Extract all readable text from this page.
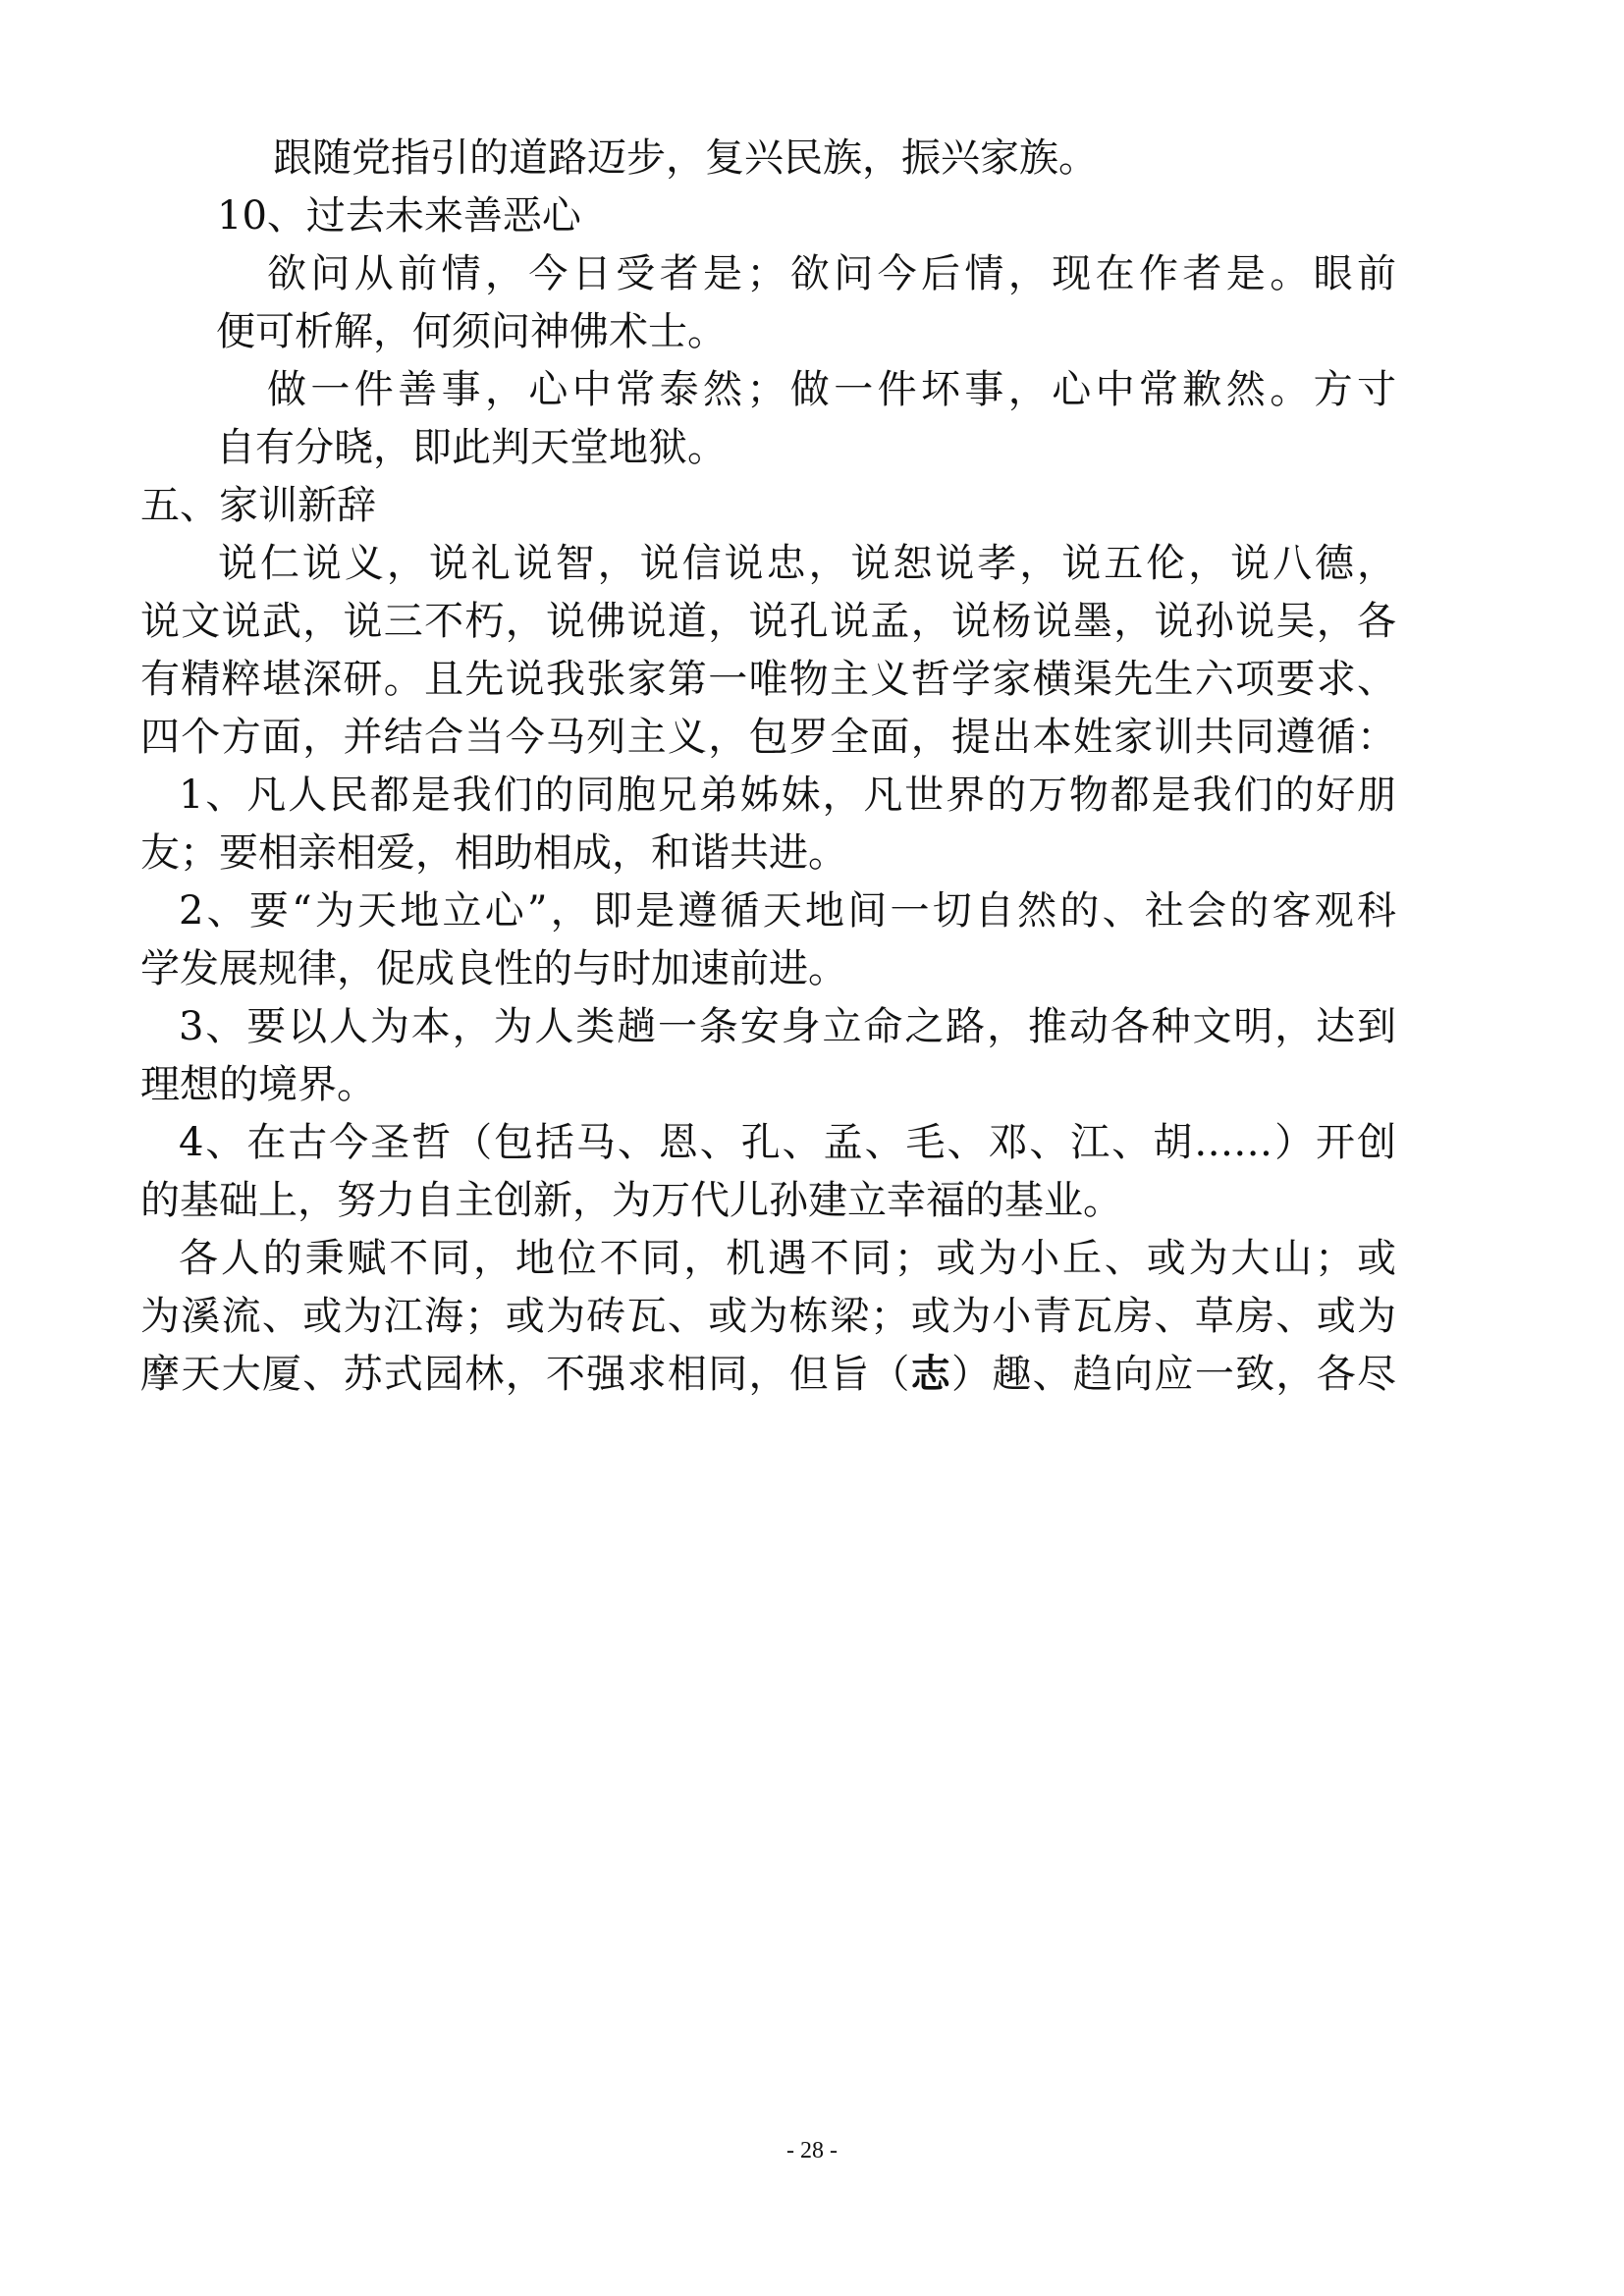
跟随党指引的道路迈步，复兴民族，振兴家族。
10、过去未来善恶心
欲问从前情，今日受者是；欲问今后情，现在作者是。眼前
便可析解，何须问神佛术士。
做一件善事，心中常泰然；做一件坏事，心中常歉然。方寸
自有分晓，即此判天堂地狱。
五、家训新辞
说仁说义，说礼说智，说信说忠，说恕说孝，说五伦，说八德，
说文说武，说三不朽，说佛说道，说孔说孟，说杨说墨，说孙说吴，各
有精粹堪深研。且先说我张家第一唯物主义哲学家横渠先生六项要求、
四个方面，并结合当今马列主义，包罗全面，提出本姓家训共同遵循：
1、凡人民都是我们的同胞兄弟姊妹，凡世界的万物都是我们的好朋
友；要相亲相爱，相助相成，和谐共进。
2、要“为天地立心”，即是遵循天地间一切自然的、社会的客观科
学发展规律，促成良性的与时加速前进。
3、要以人为本，为人类趟一条安身立命之路，推动各种文明，达到
理想的境界。
4、在古今圣哲（包括马、恩、孔、孟、毛、邓、江、胡……）开创
的基础上，努力自主创新，为万代儿孙建立幸福的基业。
各人的秉赋不同，地位不同，机遇不同；或为小丘、或为大山；或
为溪流、或为江海；或为砖瓦、或为栋梁；或为小青瓦房、草房、或为
摩天大厦、苏式园林，不强求相同，但旨（志）趣、趋向应一致，各尽
- 28 -
